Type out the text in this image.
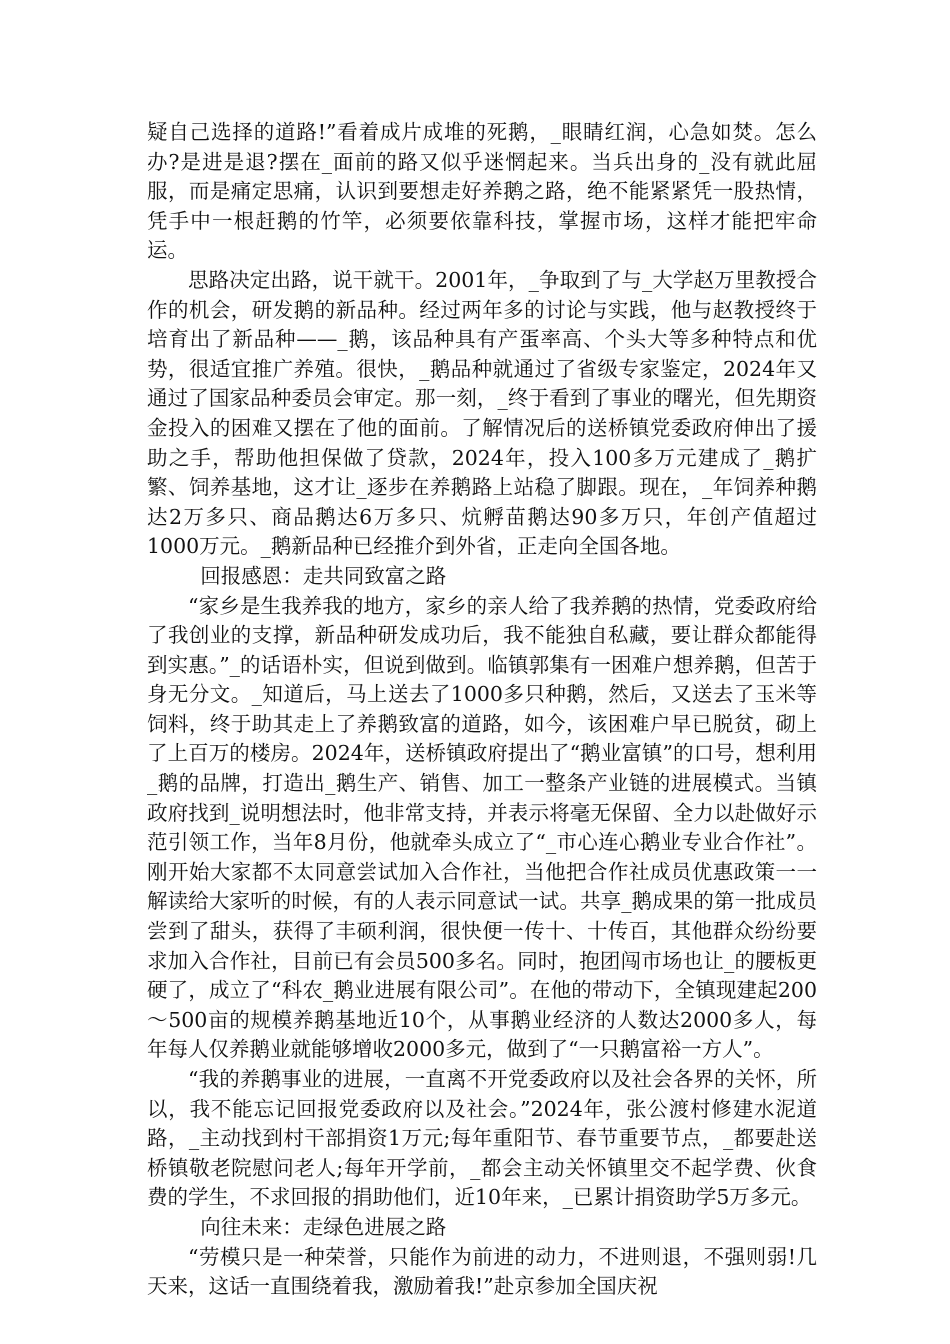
疑自己选择的道路!”看着成片成堆的死鹅，_眼睛红润，心急如焚。怎么办?是进是退?摆在_面前的路又似乎迷惘起来。当兵出身的_没有就此屈服，而是痛定思痛，认识到要想走好养鹅之路，绝不能紧紧凭一股热情，凭手中一根赶鹅的竹竿，必须要依靠科技，掌握市场，这样才能把牢命运。

思路决定出路，说干就干。2001年，_争取到了与_大学赵万里教授合作的机会，研发鹅的新品种。经过两年多的讨论与实践，他与赵教授终于培育出了新品种——_鹅，该品种具有产蛋率高、个头大等多种特点和优势，很适宜推广养殖。很快，_鹅品种就通过了省级专家鉴定，2024年又通过了国家品种委员会审定。那一刻，_终于看到了事业的曙光，但先期资金投入的困难又摆在了他的面前。了解情况后的送桥镇党委政府伸出了援助之手，帮助他担保做了贷款，2024年，投入100多万元建成了_鹅扩繁、饲养基地，这才让_逐步在养鹅路上站稳了脚跟。现在，_年饲养种鹅达2万多只、商品鹅达6万多只、炕孵苗鹅达90多万只，年创产值超过1000万元。_鹅新品种已经推介到外省，正走向全国各地。

回报感恩：走共同致富之路

“家乡是生我养我的地方，家乡的亲人给了我养鹅的热情，党委政府给了我创业的支撑，新品种研发成功后，我不能独自私藏，要让群众都能得到实惠。”_的话语朴实，但说到做到。临镇郭集有一困难户想养鹅，但苦于身无分文。_知道后，马上送去了1000多只种鹅，然后，又送去了玉米等饲料，终于助其走上了养鹅致富的道路，如今，该困难户早已脱贫，砌上了上百万的楼房。2024年，送桥镇政府提出了“鹅业富镇”的口号，想利用_鹅的品牌，打造出_鹅生产、销售、加工一整条产业链的进展模式。当镇政府找到_说明想法时，他非常支持，并表示将毫无保留、全力以赴做好示范引领工作，当年8月份，他就牵头成立了“_市心连心鹅业专业合作社”。刚开始大家都不太同意尝试加入合作社，当他把合作社成员优惠政策一一解读给大家听的时候，有的人表示同意试一试。共享_鹅成果的第一批成员尝到了甜头，获得了丰硕利润，很快便一传十、十传百，其他群众纷纷要求加入合作社，目前已有会员500多名。同时，抱团闯市场也让_的腰板更硬了，成立了“科农_鹅业进展有限公司”。在他的带动下，全镇现建起200～500亩的规模养鹅基地近10个，从事鹅业经济的人数达2000多人，每年每人仅养鹅业就能够增收2000多元，做到了“一只鹅富裕一方人”。

“我的养鹅事业的进展，一直离不开党委政府以及社会各界的关怀，所以，我不能忘记回报党委政府以及社会。”2024年，张公渡村修建水泥道路，_主动找到村干部捐资1万元;每年重阳节、春节重要节点，_都要赴送桥镇敬老院慰问老人;每年开学前，_都会主动关怀镇里交不起学费、伙食费的学生，不求回报的捐助他们，近10年来，_已累计捐资助学5万多元。

向往未来：走绿色进展之路

“劳模只是一种荣誉，只能作为前进的动力，不进则退，不强则弱!几天来，这话一直围绕着我，激励着我!”赴京参加全国庆祝
